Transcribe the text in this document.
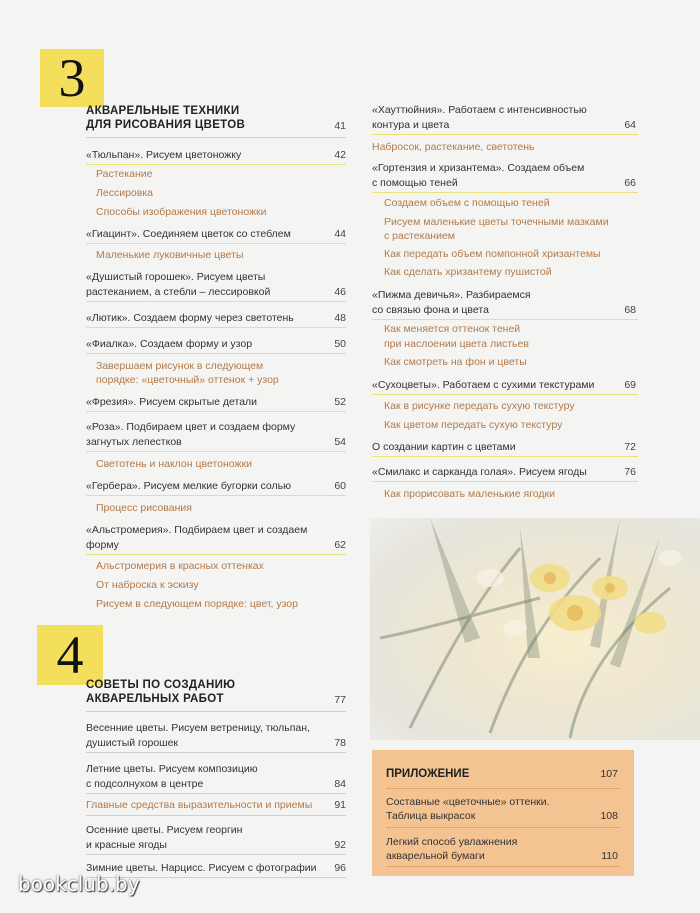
3
АКВАРЕЛЬНЫЕ ТЕХНИКИ
ДЛЯ РИСОВАНИЯ ЦВЕТОВ	41
«Тюльпан». Рисуем цветоножку	42
Растекание
Лессировка
Способы изображения цветоножки
«Гиацинт». Соединяем цветок со стеблем	44
Маленькие луковичные цветы
«Душистый горошек». Рисуем цветы
растеканием, а стебли – лессировкой	46
«Лютик». Создаем форму через светотень	48
«Фиалка». Создаем форму и узор	50
Завершаем рисунок в следующем
порядке: «цветочный» оттенок + узор
«Фрезия». Рисуем скрытые детали	52
«Роза». Подбираем цвет и создаем форму
загнутых лепестков	54
Светотень и наклон цветоножки
«Гербера». Рисуем мелкие бугорки солью	60
Процесс рисования
«Альстромерия». Подбираем цвет и создаем
форму	62
Альстромерия в красных оттенках
От наброска к эскизу
Рисуем в следующем порядке: цвет, узор
4 СОВЕТЫ ПО СОЗДАНИЮ
АКВАРЕЛЬНЫХ РАБОТ	77
Весенние цветы. Рисуем ветреницу, тюльпан,
душистый горошек	78
Летние цветы. Рисуем композицию
с подсолнухом в центре	84
Главные средства выразительности и приемы	91
Осенние цветы. Рисуем георгин
и красные ягоды	92
Зимние цветы. Нарцисс. Рисуем с фотографии	96
«Хауттюйния». Работаем с интенсивностью
контура и цвета	64
Набросок, растекание, светотень
«Гортензия и хризантема». Создаем объем
с помощью теней	66
Создаем объем с помощью теней
Рисуем маленькие цветы точечными мазками
с растеканием
Как передать объем помпонной хризантемы
Как сделать хризантему пушистой
«Пижма девичья». Разбираемся
со связью фона и цвета	68
Как меняется оттенок теней
при наслоении цвета листьев
Как смотреть на фон и цветы
«Сухоцветы». Работаем с сухими текстурами	69
Как в рисунке передать сухую текстуру
Как цветом передать сухую текстуру
О создании картин с цветами	72
«Смилакс и сарканда голая». Рисуем ягоды	76
Как прорисовать маленькие ягодки
ПРИЛОЖЕНИЕ	107
Составные «цветочные» оттенки.
Таблица выкрасок	108
Легкий способ увлажнения
акварельной бумаги	110
bookclub.by
